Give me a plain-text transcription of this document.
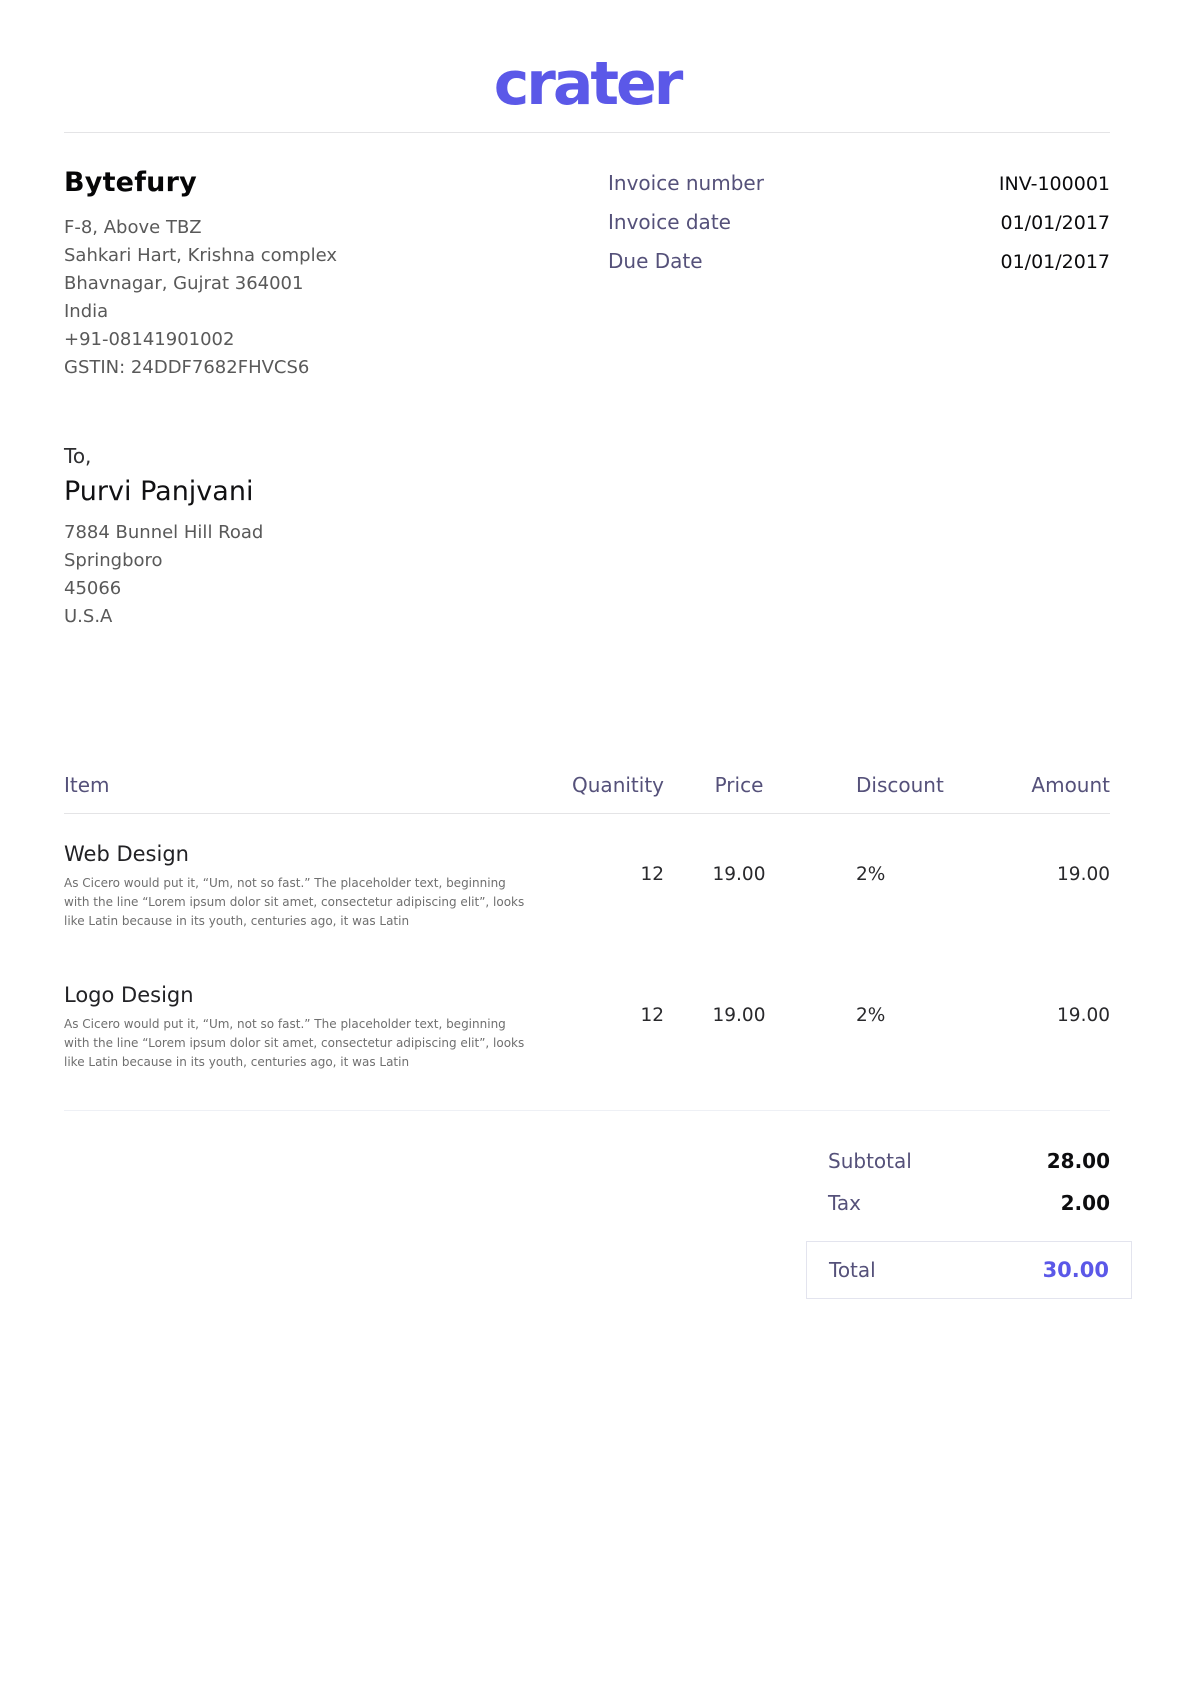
crater
Bytefury
F-8, Above TBZ
Sahkari Hart, Krishna complex
Bhavnagar, Gujrat 364001
India
+91-08141901002
GSTIN: 24DDF7682FHVCS6
Invoice number	INV-100001
Invoice date	01/01/2017
Due Date	01/01/2017
To,
Purvi Panjvani
7884 Bunnel Hill Road
Springboro
45066
U.S.A
Item	Quanitity	Price	Discount	Amount
Web Design
As Cicero would put it, “Um, not so fast.” The placeholder text, beginning
with the line “Lorem ipsum dolor sit amet, consectetur adipiscing elit”, looks
like Latin because in its youth, centuries ago, it was Latin
12	19.00	2%	19.00
Logo Design
As Cicero would put it, “Um, not so fast.” The placeholder text, beginning
with the line “Lorem ipsum dolor sit amet, consectetur adipiscing elit”, looks
like Latin because in its youth, centuries ago, it was Latin
12	19.00	2%	19.00
Subtotal	28.00
Tax	2.00
Total	30.00
